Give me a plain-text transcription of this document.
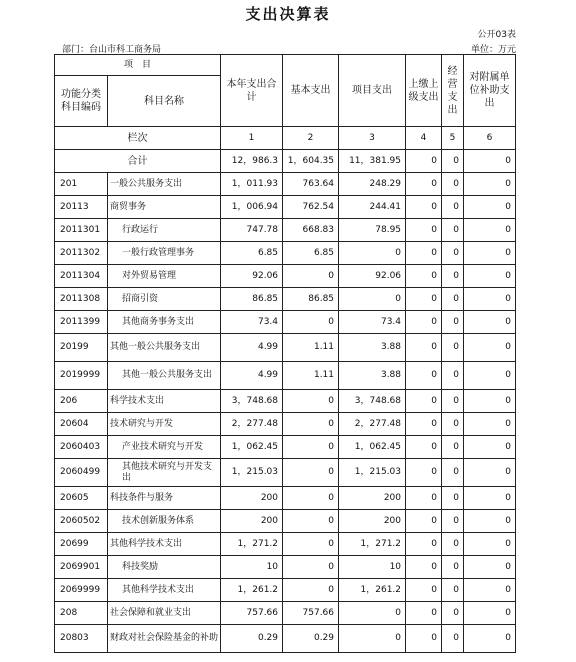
支出决算表
公开03表
部门：台山市科工商务局	单位：万元
项　目		本年支出合计	基本支出	项目支出	上缴上级支出	经营支出	对附属单位补助支出
功能分类科目编码	科目名称						
栏次		1	2	3	4	5	6
合计		12，986.3	1，604.35	11，381.95	0	0	0
201	一般公共服务支出	1，011.93	763.64	248.29	0	0	0
20113	商贸事务	1，006.94	762.54	244.41	0	0	0
2011301	行政运行	747.78	668.83	78.95	0	0	0
2011302	一般行政管理事务	6.85	6.85	0	0	0	0
2011304	对外贸易管理	92.06	0	92.06	0	0	0
2011308	招商引资	86.85	86.85	0	0	0	0
2011399	其他商务事务支出	73.4	0	73.4	0	0	0
20199	其他一般公共服务支出	4.99	1.11	3.88	0	0	0
2019999	其他一般公共服务支出	4.99	1.11	3.88	0	0	0
206	科学技术支出	3，748.68	0	3，748.68	0	0	0
20604	技术研究与开发	2，277.48	0	2，277.48	0	0	0
2060403	产业技术研究与开发	1，062.45	0	1，062.45	0	0	0
2060499	其他技术研究与开发支出	1，215.03	0	1，215.03	0	0	0
20605	科技条件与服务	200	0	200	0	0	0
2060502	技术创新服务体系	200	0	200	0	0	0
20699	其他科学技术支出	1，271.2	0	1，271.2	0	0	0
2069901	科技奖励	10	0	10	0	0	0
2069999	其他科学技术支出	1，261.2	0	1，261.2	0	0	0
208	社会保障和就业支出	757.66	757.66	0	0	0	0
20803	财政对社会保险基金的补助	0.29	0.29	0	0	0	0
